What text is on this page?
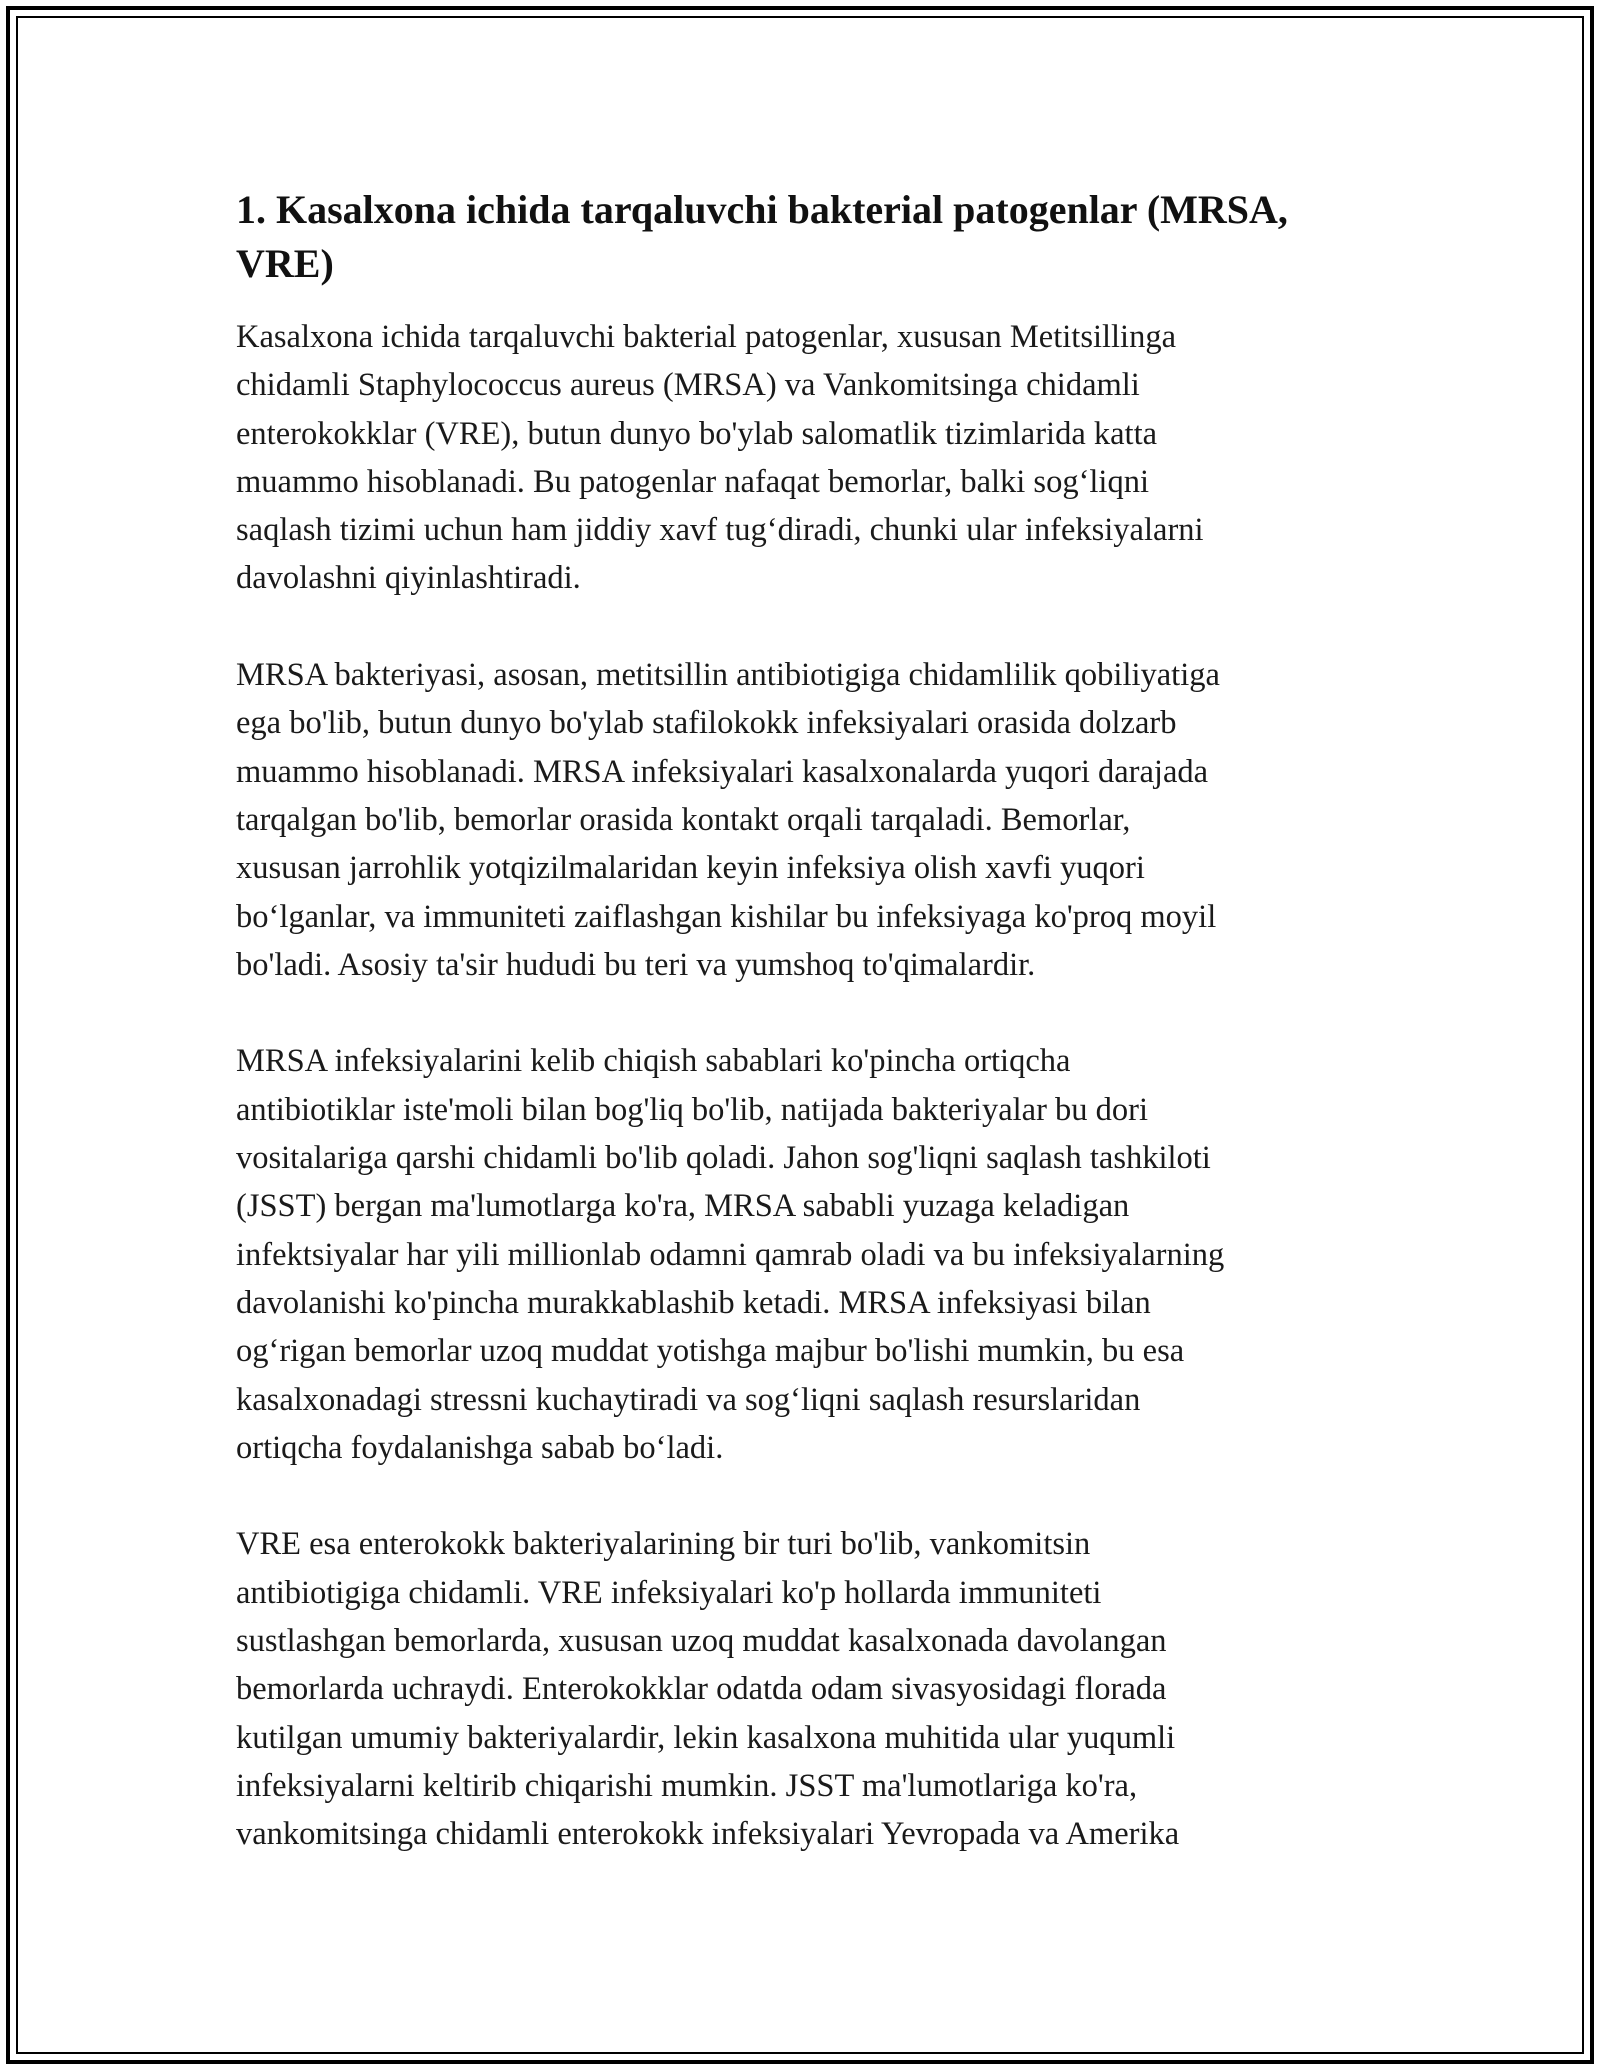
1. Kasalxona ichida tarqaluvchi bakterial patogenlar (MRSA,
VRE)

Kasalxona ichida tarqaluvchi bakterial patogenlar, xususan Metitsillinga
chidamli Staphylococcus aureus (MRSA) va Vankomitsinga chidamli
enterokokklar (VRE), butun dunyo bo'ylab salomatlik tizimlarida katta
muammo hisoblanadi. Bu patogenlar nafaqat bemorlar, balki sog‘liqni
saqlash tizimi uchun ham jiddiy xavf tug‘diradi, chunki ular infeksiyalarni
davolashni qiyinlashtiradi.

MRSA bakteriyasi, asosan, metitsillin antibiotigiga chidamlilik qobiliyatiga
ega bo'lib, butun dunyo bo'ylab stafilokokk infeksiyalari orasida dolzarb
muammo hisoblanadi. MRSA infeksiyalari kasalxonalarda yuqori darajada
tarqalgan bo'lib, bemorlar orasida kontakt orqali tarqaladi. Bemorlar,
xususan jarrohlik yotqizilmalaridan keyin infeksiya olish xavfi yuqori
bo‘lganlar, va immuniteti zaiflashgan kishilar bu infeksiyaga ko'proq moyil
bo'ladi. Asosiy ta'sir hududi bu teri va yumshoq to'qimalardir.

MRSA infeksiyalarini kelib chiqish sabablari ko'pincha ortiqcha
antibiotiklar iste'moli bilan bog'liq bo'lib, natijada bakteriyalar bu dori
vositalariga qarshi chidamli bo'lib qoladi. Jahon sog'liqni saqlash tashkiloti
(JSST) bergan ma'lumotlarga ko'ra, MRSA sababli yuzaga keladigan
infektsiyalar har yili millionlab odamni qamrab oladi va bu infeksiyalarning
davolanishi ko'pincha murakkablashib ketadi. MRSA infeksiyasi bilan
og‘rigan bemorlar uzoq muddat yotishga majbur bo'lishi mumkin, bu esa
kasalxonadagi stressni kuchaytiradi va sog‘liqni saqlash resurslaridan
ortiqcha foydalanishga sabab bo‘ladi.

VRE esa enterokokk bakteriyalarining bir turi bo'lib, vankomitsin
antibiotigiga chidamli. VRE infeksiyalari ko'p hollarda immuniteti
sustlashgan bemorlarda, xususan uzoq muddat kasalxonada davolangan
bemorlarda uchraydi. Enterokokklar odatda odam sivasyosidagi florada
kutilgan umumiy bakteriyalardir, lekin kasalxona muhitida ular yuqumli
infeksiyalarni keltirib chiqarishi mumkin. JSST ma'lumotlariga ko'ra,
vankomitsinga chidamli enterokokk infeksiyalari Yevropada va Amerika
